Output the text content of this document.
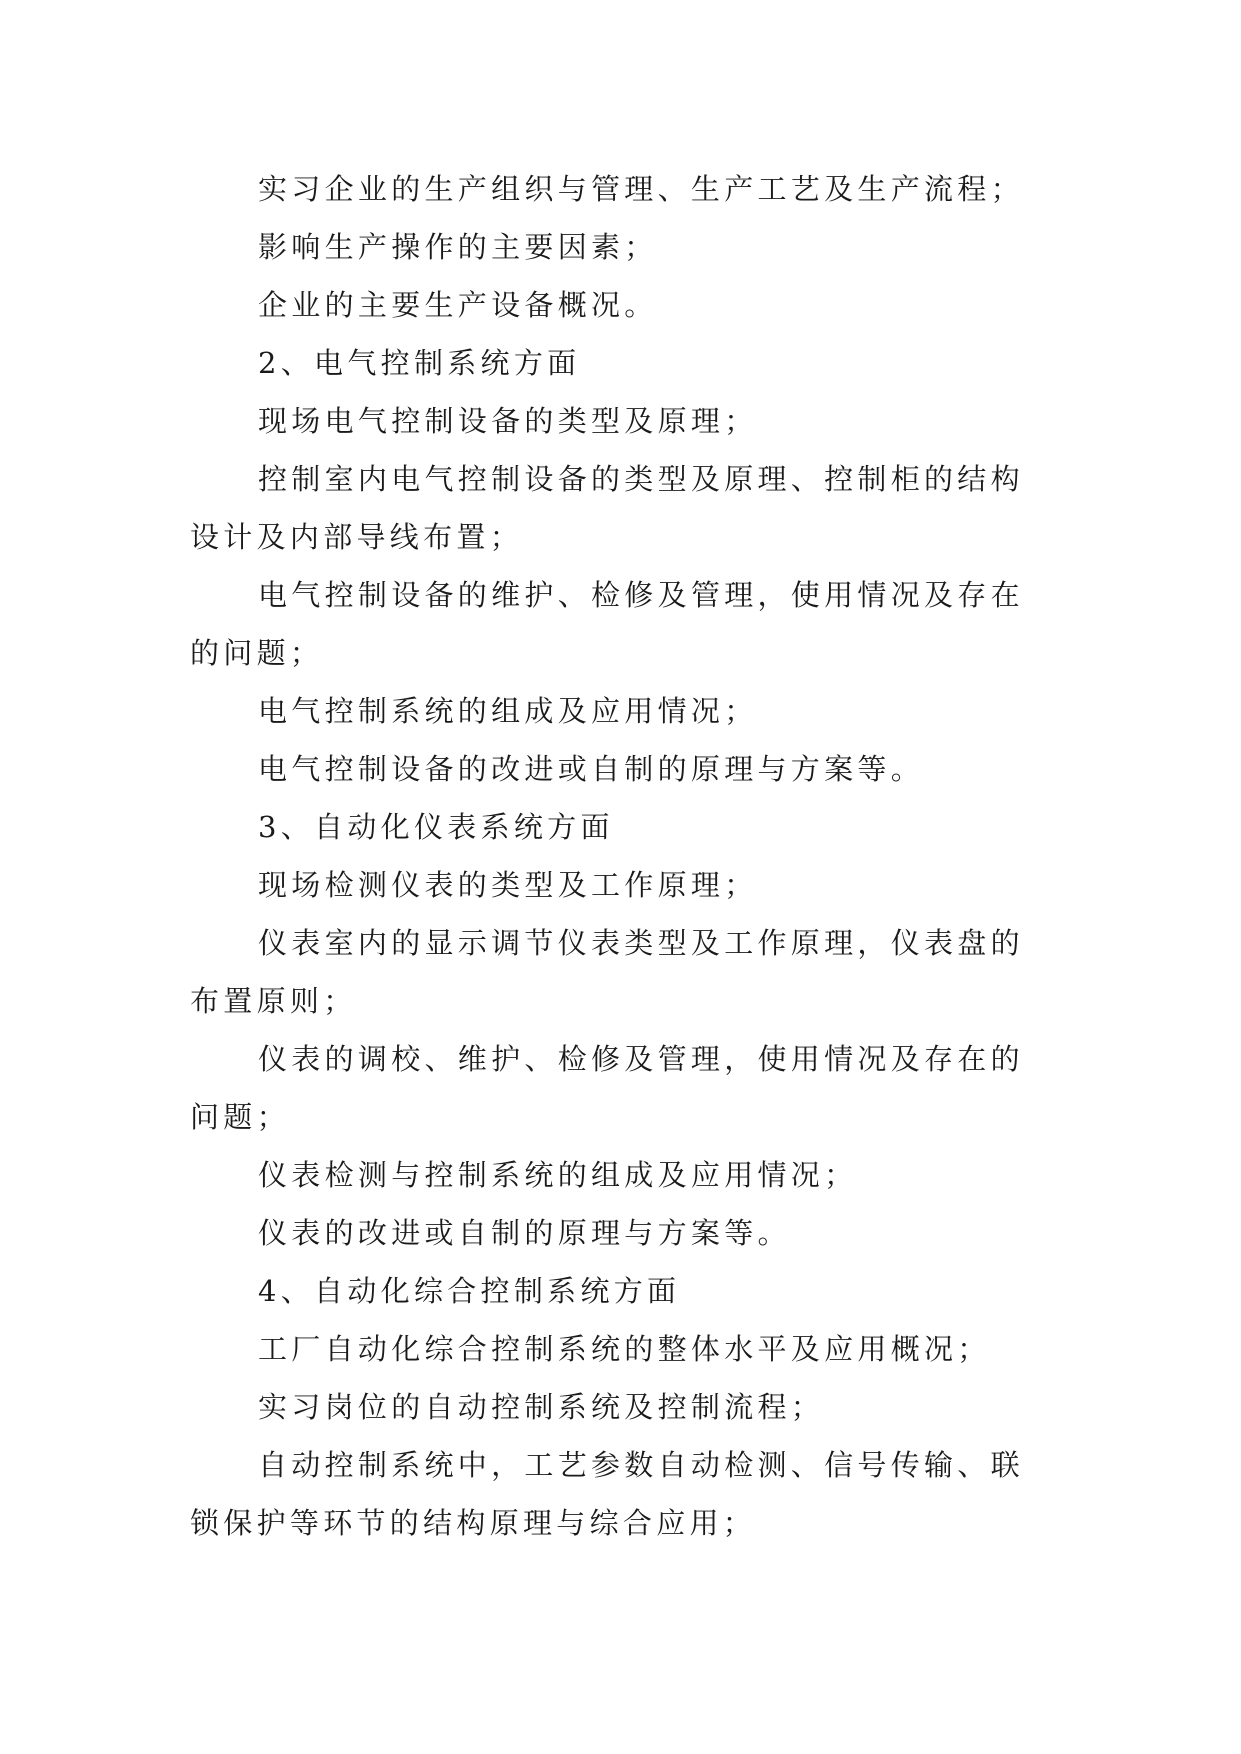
实习企业的生产组织与管理、生产工艺及生产流程；

影响生产操作的主要因素；

企业的主要生产设备概况。

2、电气控制系统方面

现场电气控制设备的类型及原理；

控制室内电气控制设备的类型及原理、控制柜的结构设计及内部导线布置；

电气控制设备的维护、检修及管理，使用情况及存在的问题；

电气控制系统的组成及应用情况；

电气控制设备的改进或自制的原理与方案等。

3、自动化仪表系统方面

现场检测仪表的类型及工作原理；

仪表室内的显示调节仪表类型及工作原理，仪表盘的布置原则；

仪表的调校、维护、检修及管理，使用情况及存在的问题；

仪表检测与控制系统的组成及应用情况；

仪表的改进或自制的原理与方案等。

4、自动化综合控制系统方面

工厂自动化综合控制系统的整体水平及应用概况；

实习岗位的自动控制系统及控制流程；

自动控制系统中，工艺参数自动检测、信号传输、联锁保护等环节的结构原理与综合应用；
